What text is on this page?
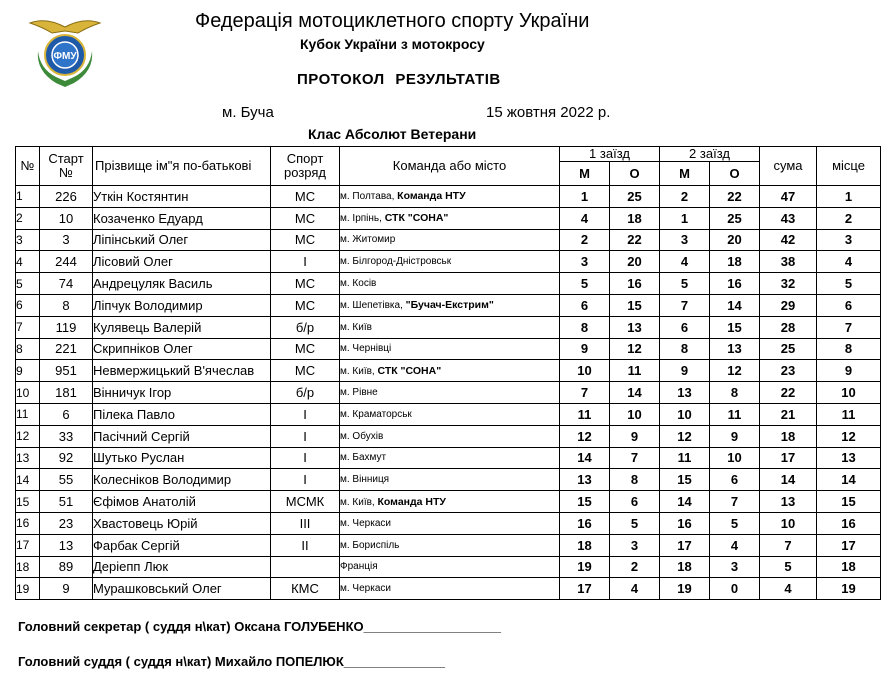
ФМУ
Федерація мотоциклетного спорту України
Кубок України з мотокросу
ПРОТОКОЛ РЕЗУЛЬТАТІВ
м. Буча	15 жовтня 2022 р.
Клас Абсолют Ветерани
№	Старт №	Прізвище ім"я по-батькові	Спорт розряд	Команда або місто	1 заїзд		2 заїзд		сума	місце
					М	О	М	О		
1	226	Уткін Костянтин	МС	м. Полтава, Команда НТУ	1	25	2	22	47	1
2	10	Козаченко Едуард	МС	м. Ірпінь, СТК "СОНА"	4	18	1	25	43	2
3	3	Ліпінський Олег	МС	м. Житомир	2	22	3	20	42	3
4	244	Лісовий Олег	I	м. Білгород-Дністровськ	3	20	4	18	38	4
5	74	Андрецуляк Василь	МС	м. Косів	5	16	5	16	32	5
6	8	Ліпчук Володимир	МС	м. Шепетівка, "Бучач-Екстрим"	6	15	7	14	29	6
7	119	Кулявець Валерій	б/р	м. Київ	8	13	6	15	28	7
8	221	Скрипніков Олег	МС	м. Чернівці	9	12	8	13	25	8
9	951	Невмержицький В'ячеслав	МС	м. Київ, СТК "СОНА"	10	11	9	12	23	9
10	181	Вінничук Ігор	б/р	м. Рівне	7	14	13	8	22	10
11	6	Пілека Павло	I	м. Краматорськ	11	10	10	11	21	11
12	33	Пасічний Сергій	I	м. Обухів	12	9	12	9	18	12
13	92	Шутько Руслан	I	м. Бахмут	14	7	11	10	17	13
14	55	Колесніков Володимир	I	м. Вінниця	13	8	15	6	14	14
15	51	Єфімов Анатолій	МСМК	м. Київ, Команда НТУ	15	6	14	7	13	15
16	23	Хвастовець Юрій	III	м. Черкаси	16	5	16	5	10	16
17	13	Фарбак Сергій	II	м. Бориспіль	18	3	17	4	7	17
18	89	Деріепп Люк		Франція	19	2	18	3	5	18
19	9	Мурашковський Олег	КМС	м. Черкаси	17	4	19	0	4	19
Головний секретар ( суддя н\кат) Оксана ГОЛУБЕНКО___________________
Головний суддя ( суддя н\кат) Михайло ПОПЕЛЮК______________
